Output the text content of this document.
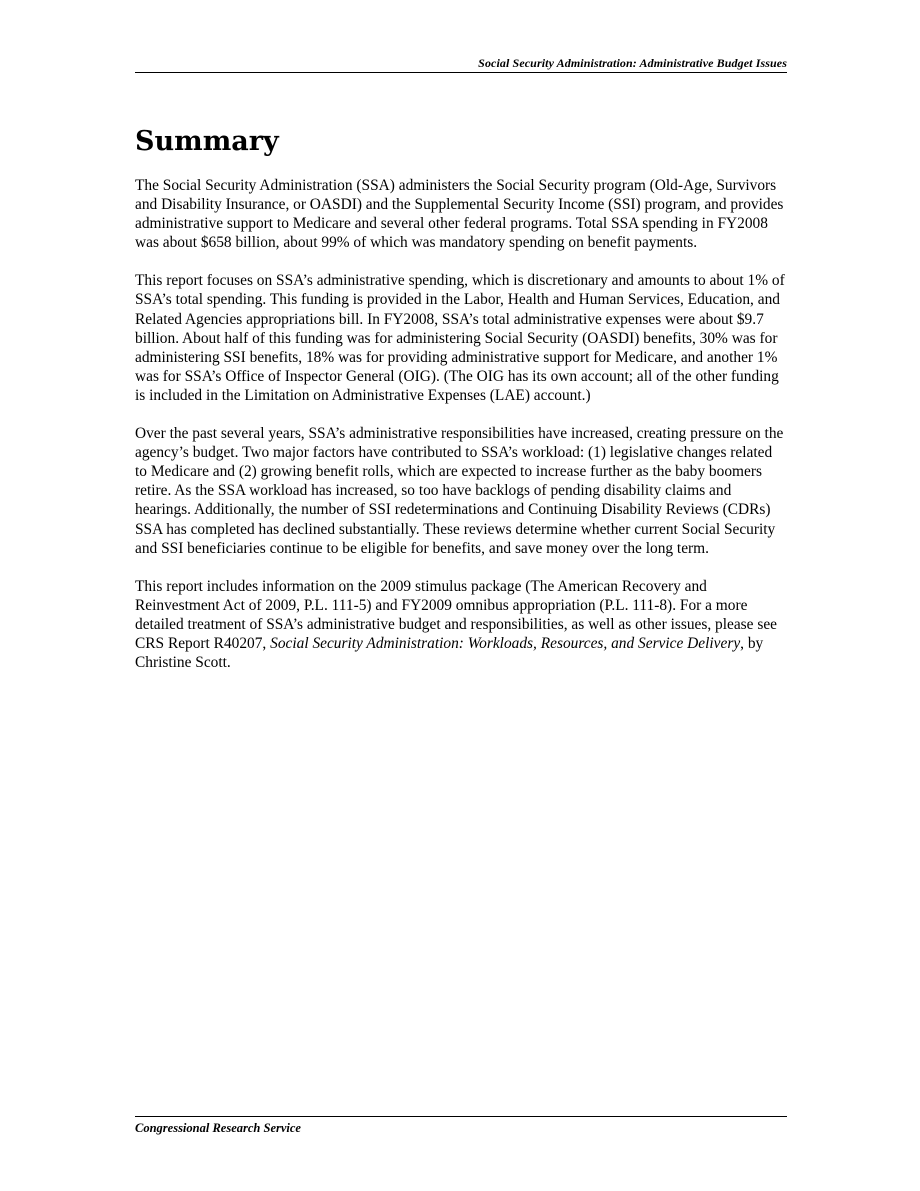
Social Security Administration: Administrative Budget Issues
Summary

The Social Security Administration (SSA) administers the Social Security program (Old-Age, Survivors and Disability Insurance, or OASDI) and the Supplemental Security Income (SSI) program, and provides administrative support to Medicare and several other federal programs. Total SSA spending in FY2008 was about $658 billion, about 99% of which was mandatory spending on benefit payments.

This report focuses on SSA’s administrative spending, which is discretionary and amounts to about 1% of SSA’s total spending. This funding is provided in the Labor, Health and Human Services, Education, and Related Agencies appropriations bill. In FY2008, SSA’s total administrative expenses were about $9.7 billion. About half of this funding was for administering Social Security (OASDI) benefits, 30% was for administering SSI benefits, 18% was for providing administrative support for Medicare, and another 1% was for SSA’s Office of Inspector General (OIG). (The OIG has its own account; all of the other funding is included in the Limitation on Administrative Expenses (LAE) account.)

Over the past several years, SSA’s administrative responsibilities have increased, creating pressure on the agency’s budget. Two major factors have contributed to SSA’s workload: (1) legislative changes related to Medicare and (2) growing benefit rolls, which are expected to increase further as the baby boomers retire. As the SSA workload has increased, so too have backlogs of pending disability claims and hearings. Additionally, the number of SSI redeterminations and Continuing Disability Reviews (CDRs) SSA has completed has declined substantially. These reviews determine whether current Social Security and SSI beneficiaries continue to be eligible for benefits, and save money over the long term.

This report includes information on the 2009 stimulus package (The American Recovery and Reinvestment Act of 2009, P.L. 111-5) and FY2009 omnibus appropriation (P.L. 111-8). For a more detailed treatment of SSA’s administrative budget and responsibilities, as well as other issues, please see CRS Report R40207, Social Security Administration: Workloads, Resources, and Service Delivery, by Christine Scott.

Congressional Research Service
